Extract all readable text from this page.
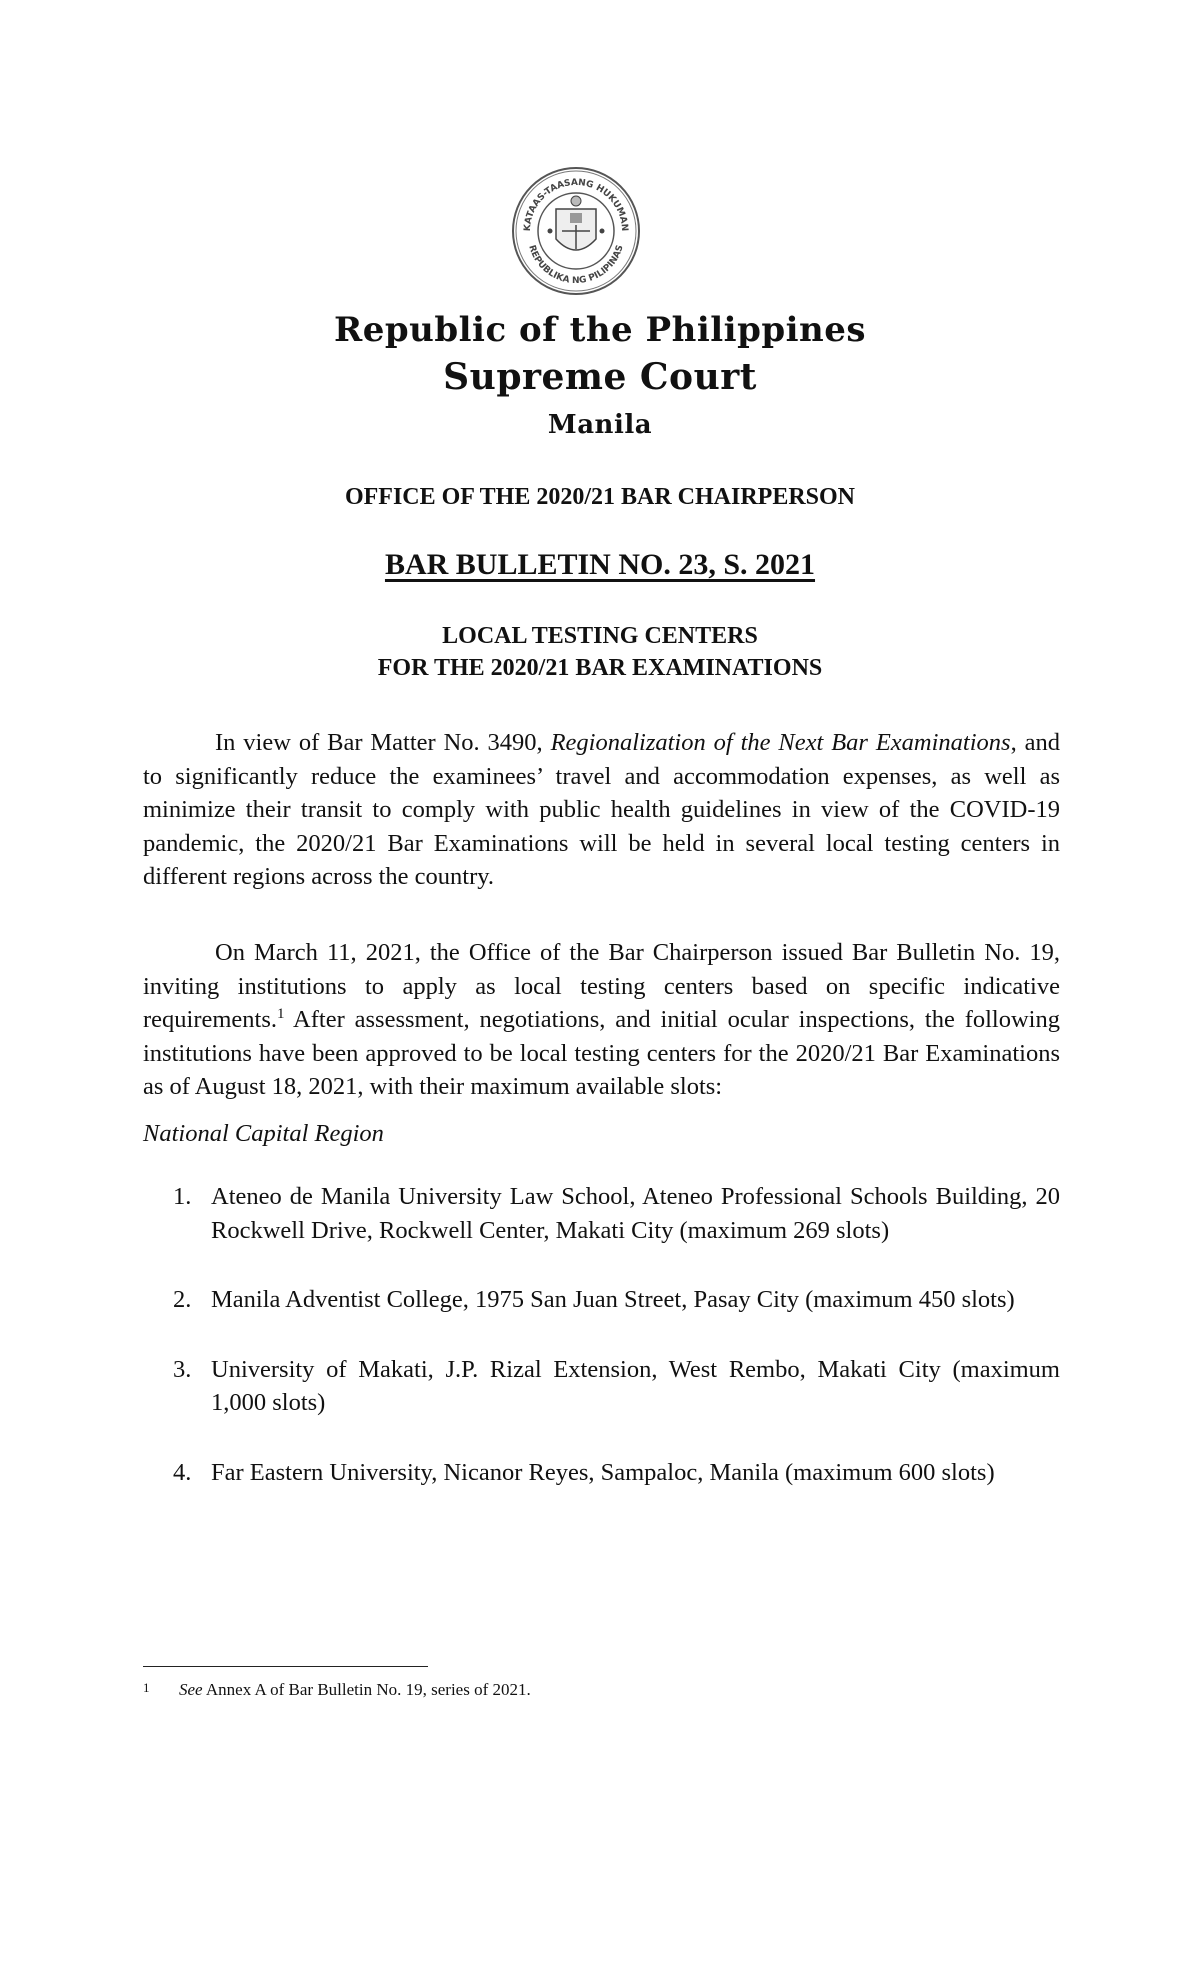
KATAAS-TAASANG HUKUMAN
REPUBLIKA NG PILIPINAS
Republic of the Philippines
Supreme Court
Manila
OFFICE OF THE 2020/21 BAR CHAIRPERSON
BAR BULLETIN NO. 23, S. 2021
LOCAL TESTING CENTERS
FOR THE 2020/21 BAR EXAMINATIONS

In view of Bar Matter No. 3490, Regionalization of the Next Bar Examinations, and to significantly reduce the examinees’ travel and accommodation expenses, as well as minimize their transit to comply with public health guidelines in view of the COVID-19 pandemic, the 2020/21 Bar Examinations will be held in several local testing centers in different regions across the country.

On March 11, 2021, the Office of the Bar Chairperson issued Bar Bulletin No. 19, inviting institutions to apply as local testing centers based on specific indicative requirements.$^1$ After assessment, negotiations, and initial ocular inspections, the following institutions have been approved to be local testing centers for the 2020/21 Bar Examinations as of August 18, 2021, with their maximum available slots:

National Capital Region
1. Ateneo de Manila University Law School, Ateneo Professional Schools Building, 20 Rockwell Drive, Rockwell Center, Makati City (maximum 269 slots)
2. Manila Adventist College, 1975 San Juan Street, Pasay City (maximum 450 slots)
3. University of Makati, J.P. Rizal Extension, West Rembo, Makati City (maximum 1,000 slots)
4. Far Eastern University, Nicanor Reyes, Sampaloc, Manila (maximum 600 slots)
1 See Annex A of Bar Bulletin No. 19, series of 2021.
